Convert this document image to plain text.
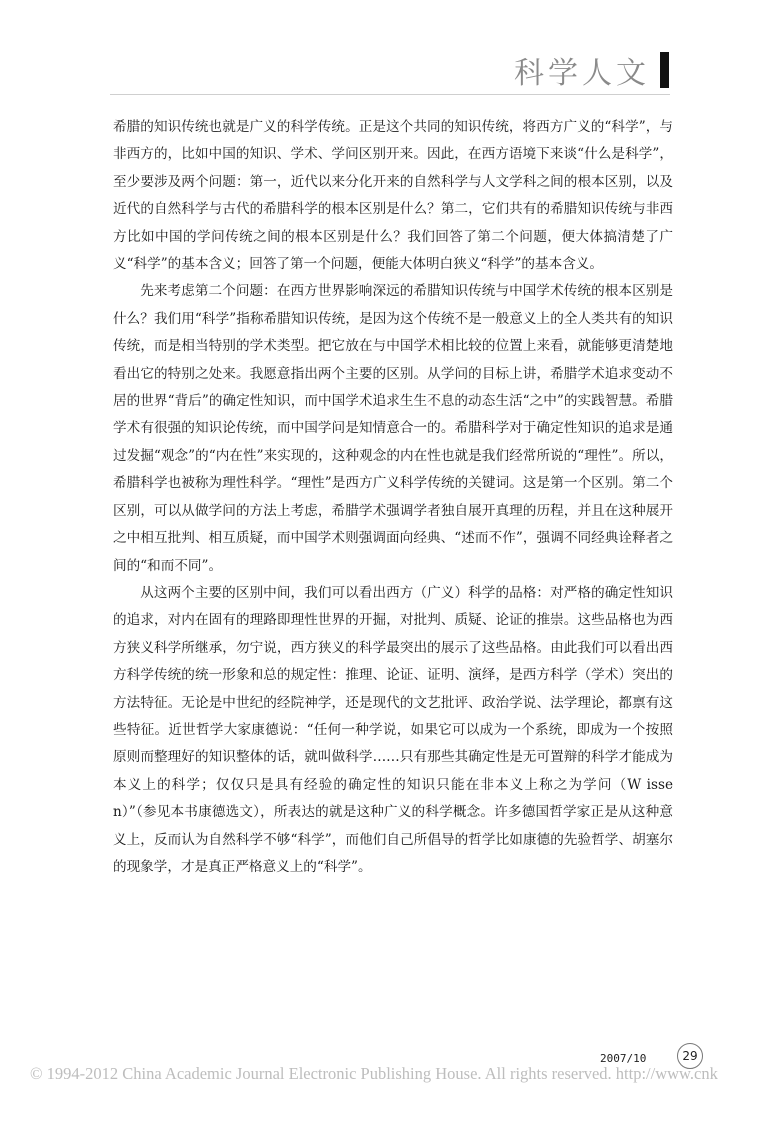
科学人文

希腊的知识传统也就是广义的科学传统。正是这个共同的知识传统，将西方广义的“科学”，与非西方的，比如中国的知识、学术、学问区别开来。因此，在西方语境下来谈“什么是科学”，至少要涉及两个问题：第一，近代以来分化开来的自然科学与人文学科之间的根本区别，以及近代的自然科学与古代的希腊科学的根本区别是什么？第二，它们共有的希腊知识传统与非西方比如中国的学问传统之间的根本区别是什么？我们回答了第二个问题，便大体搞清楚了广义“科学”的基本含义；回答了第一个问题，便能大体明白狭义“科学”的基本含义。

先来考虑第二个问题：在西方世界影响深远的希腊知识传统与中国学术传统的根本区别是什么？我们用“科学”指称希腊知识传统，是因为这个传统不是一般意义上的全人类共有的知识传统，而是相当特别的学术类型。把它放在与中国学术相比较的位置上来看，就能够更清楚地看出它的特别之处来。我愿意指出两个主要的区别。从学问的目标上讲，希腊学术追求变动不居的世界“背后”的确定性知识，而中国学术追求生生不息的动态生活“之中”的实践智慧。希腊学术有很强的知识论传统，而中国学问是知情意合一的。希腊科学对于确定性知识的追求是通过发掘“观念”的“内在性”来实现的，这种观念的内在性也就是我们经常所说的“理性”。所以，希腊科学也被称为理性科学。“理性”是西方广义科学传统的关键词。这是第一个区别。第二个区别，可以从做学问的方法上考虑，希腊学术强调学者独自展开真理的历程，并且在这种展开之中相互批判、相互质疑，而中国学术则强调面向经典、“述而不作”，强调不同经典诠释者之间的“和而不同”。

从这两个主要的区别中间，我们可以看出西方（广义）科学的品格：对严格的确定性知识的追求，对内在固有的理路即理性世界的开掘，对批判、质疑、论证的推崇。这些品格也为西方狭义科学所继承，勿宁说，西方狭义的科学最突出的展示了这些品格。由此我们可以看出西方科学传统的统一形象和总的规定性：推理、论证、证明、演绎，是西方科学（学术）突出的方法特征。无论是中世纪的经院神学，还是现代的文艺批评、政治学说、法学理论，都禀有这些特征。近世哲学大家康德说：“任何一种学说，如果它可以成为一个系统，即成为一个按照原则而整理好的知识整体的话，就叫做科学……只有那些其确定性是无可置辩的科学才能成为本义上的科学；仅仅只是具有经验的确定性的知识只能在非本义上称之为学问（W issen）”（参见本书康德选文），所表达的就是这种广义的科学概念。许多德国哲学家正是从这种意义上，反而认为自然科学不够“科学”，而他们自己所倡导的哲学比如康德的先验哲学、胡塞尔的现象学，才是真正严格意义上的“科学”。

2007/10	29
© 1994-2012 China Academic Journal Electronic Publishing House. All rights reserved. http://www.cnk
